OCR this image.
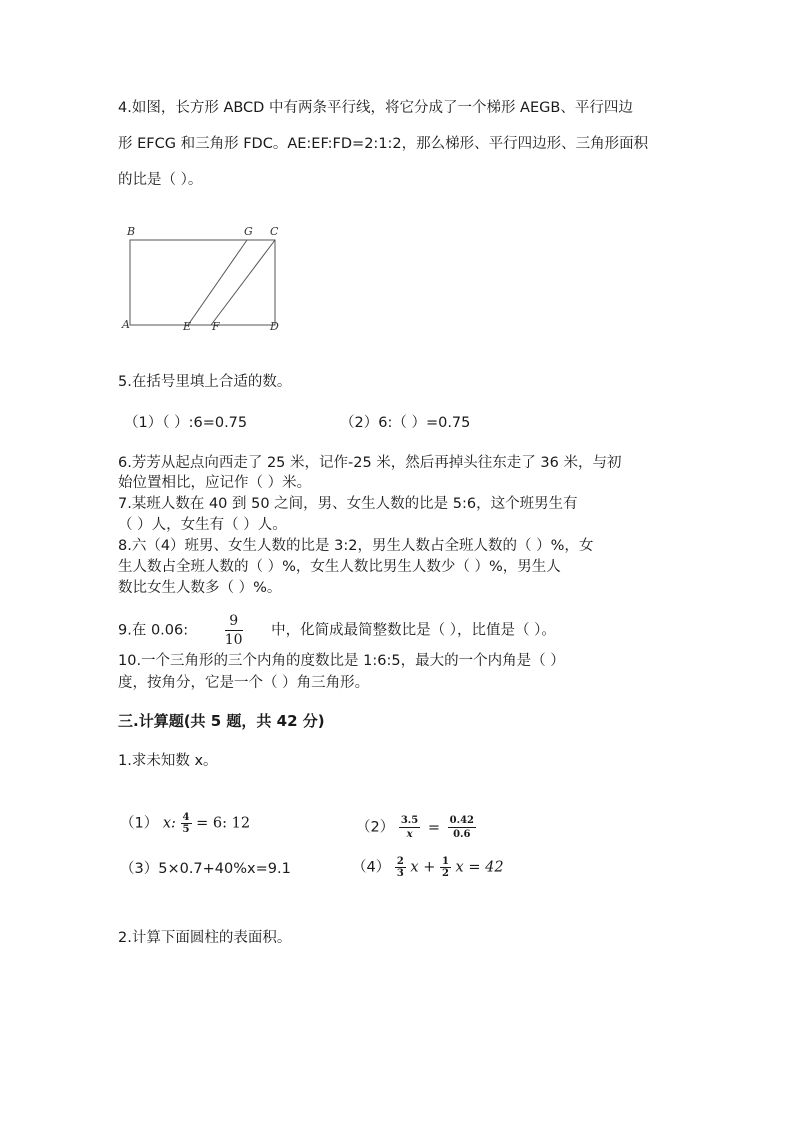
4.如图，长方形 ABCD 中有两条平行线，将它分成了一个梯形 AEGB、平行四边
形 EFCG 和三角形 FDC。AE:EF:FD=2:1:2，那么梯形、平行四边形、三角形面积
的比是（ ）。
B	G C
A	E F	D
5.在括号里填上合适的数。
（1）（ ）:6=0.75	（2）6:（ ）=0.75
6.芳芳从起点向西走了 25 米，记作-25 米，然后再掉头往东走了 36 米，与初
始位置相比，应记作（ ）米。
7.某班人数在 40 到 50 之间，男、女生人数的比是 5:6，这个班男生有
（ ）人，女生有（ ）人。
8.六（4）班男、女生人数的比是 3:2，男生人数占全班人数的（ ）%，女
生人数占全班人数的（ ）%，女生人数比男生人数少（ ）%，男生人
数比女生人数多（ ）%。
9.在 0.06:	$\frac{9}{10}$ 中，化简成最简整数比是（ ），比值是（ ）。
10.一个三角形的三个内角的度数比是 1:6:5，最大的一个内角是（ ）
度，按角分，它是一个（ ）角三角形。
三.计算题(共 5 题，共 42 分)
1.求未知数 x。
（1） x: $\frac{4}{5} = 6$: 12	$(2) \frac{3.5}{x} = \frac{0.42}{0.6}$
（3）5×0.7+40%x=9.1	$(4) \frac{2}{3}$ $x + \frac{1}{2}$ x = 42
2.计算下面圆柱的表面积。
